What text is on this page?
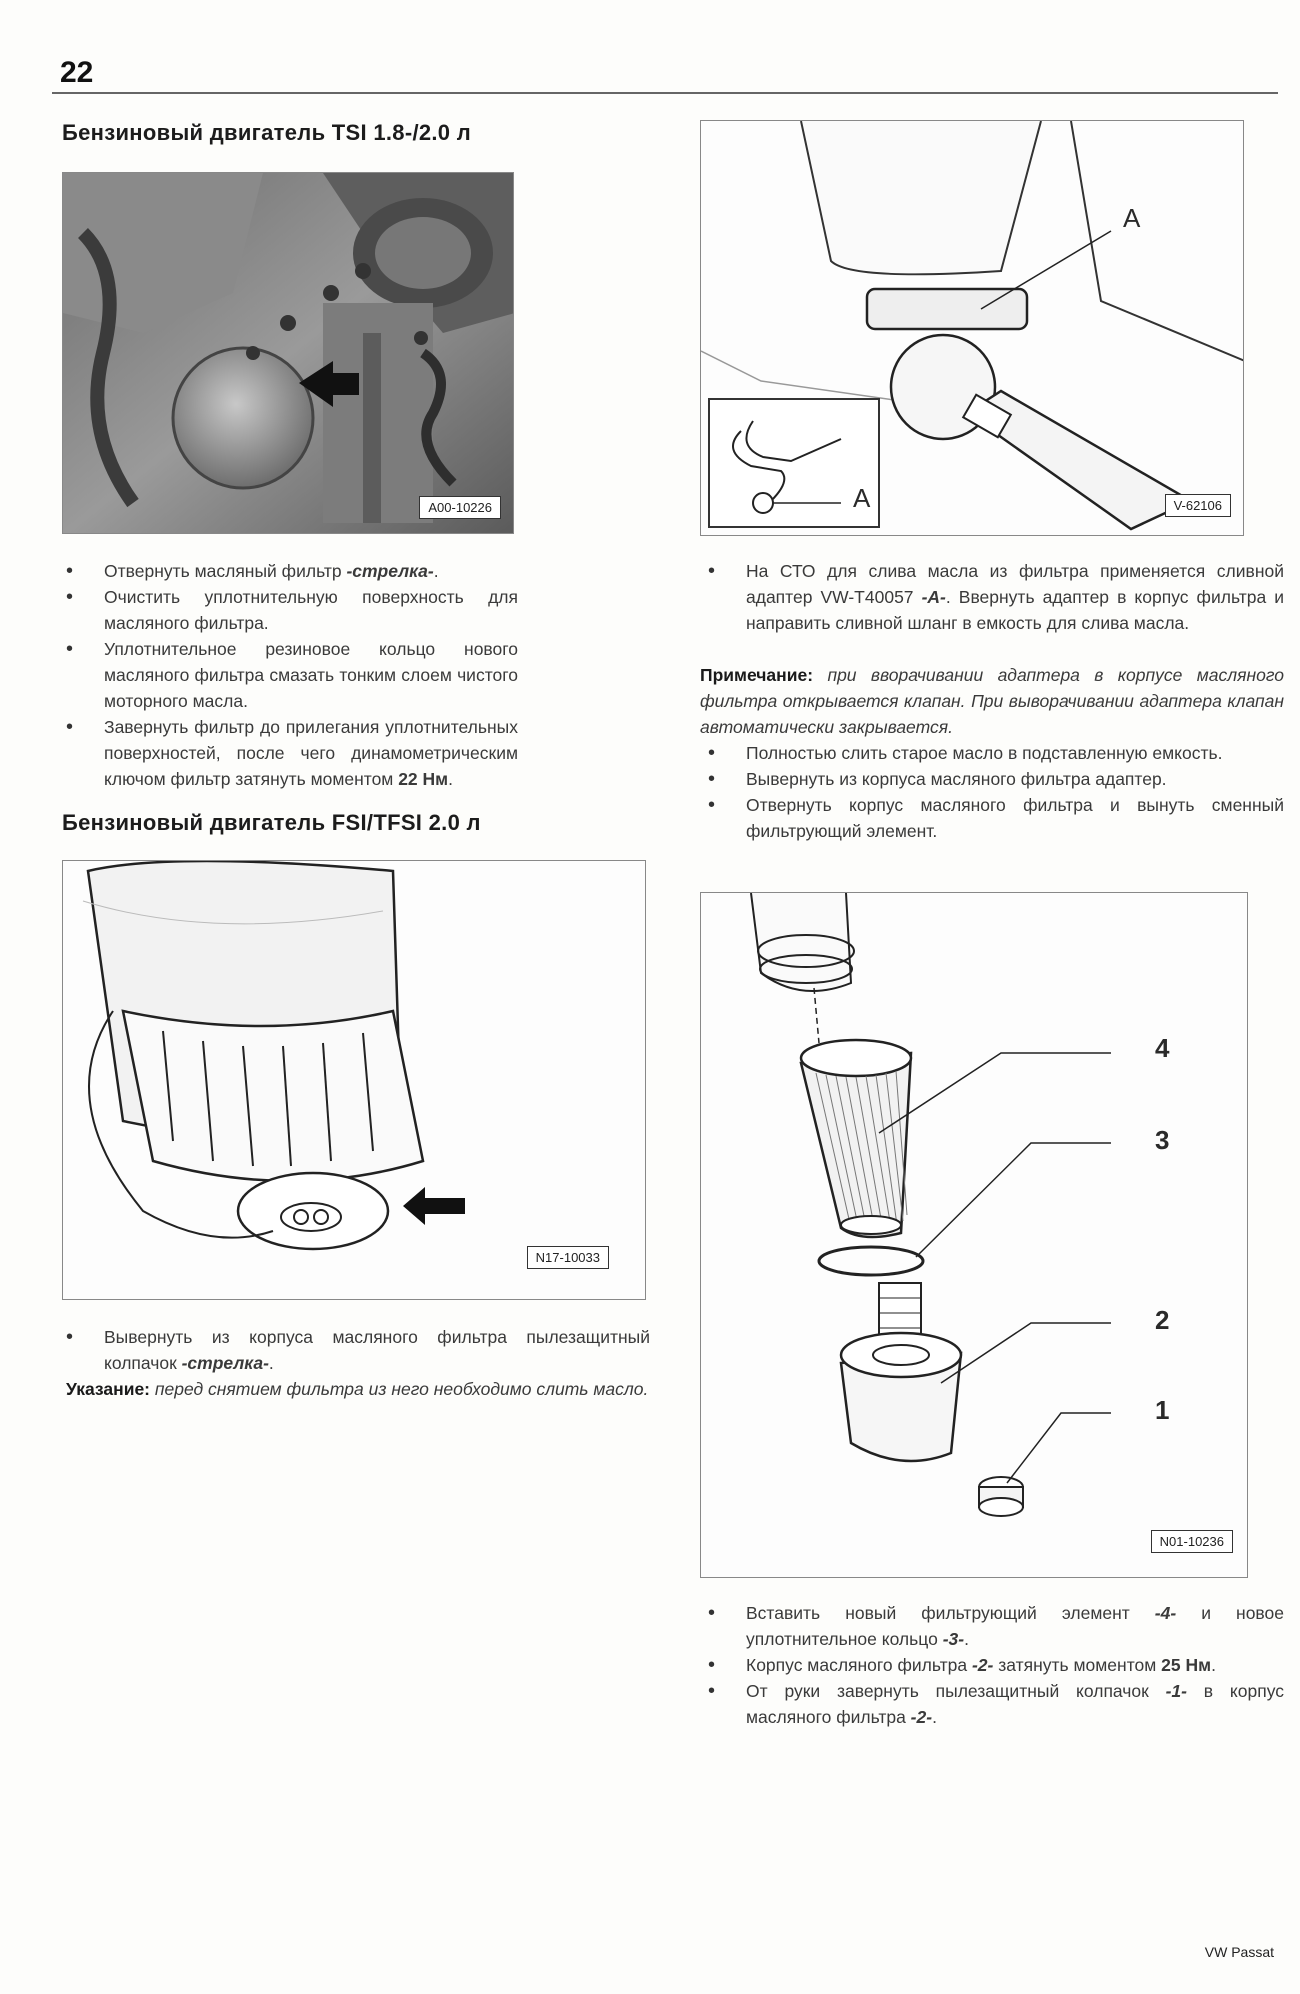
22
Бензиновый двигатель TSI 1.8-/2.0 л
A00-10226
• Отвернуть масляный фильтр -стрелка-.
• Очистить уплотнительную поверхность для масляного фильтра.
• Уплотнительное резиновое кольцо нового масляного фильтра смазать тонким слоем чистого моторного масла.
• Завернуть фильтр до прилегания уплотнительных поверхностей, после чего динамометрическим ключом фильтр затянуть моментом 22 Нм.
Бензиновый двигатель FSI/TFSI 2.0 л
N17-10033
• Вывернуть из корпуса масляного фильтра пылезащитный колпачок -стрелка-.
Указание: перед снятием фильтра из него необходимо слить масло.
A
A	V-62106
• На СТО для слива масла из фильтра применяется сливной адаптер VW-T40057 -A-. Ввернуть адаптер в корпус фильтра и направить сливной шланг в емкость для слива масла.
Примечание: при вворачивании адаптера в корпусе масляного фильтра открывается клапан. При выворачивании адаптера клапан автоматически закрывается.
• Полностью слить старое масло в подставленную емкость.
• Вывернуть из корпуса масляного фильтра адаптер.
• Отвернуть корпус масляного фильтра и вынуть сменный фильтрующий элемент.
4
3
2
1
N01-10236
• Вставить новый фильтрующий элемент -4- и новое уплотнительное кольцо -3-.
• Корпус масляного фильтра -2- затянуть моментом 25 Нм.
• От руки завернуть пылезащитный колпачок -1- в корпус масляного фильтра -2-.
VW Passat
